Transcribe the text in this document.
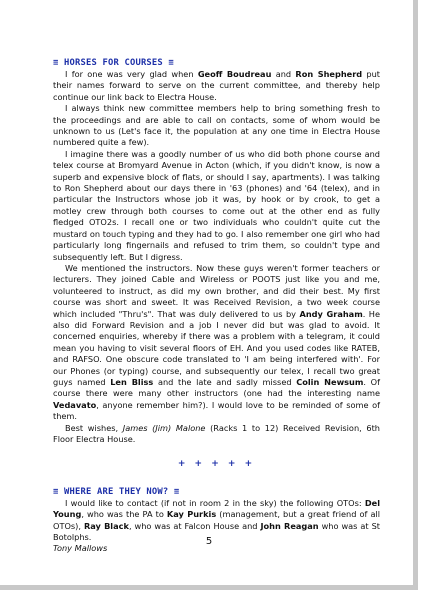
≡ HORSES FOR COURSES ≡

I for one was very glad when Geoff Boudreau and Ron Shepherd put their names forward to serve on the current committee, and thereby help continue our link back to Electra House.

I always think new committee members help to bring something fresh to the proceedings and are able to call on contacts, some of whom would be unknown to us (Let's face it, the population at any one time in Electra House numbered quite a few).

I imagine there was a goodly number of us who did both phone course and telex course at Bromyard Avenue in Acton (which, if you didn't know, is now a superb and expensive block of flats, or should I say, apartments). I was talking to Ron Shepherd about our days there in '63 (phones) and '64 (telex), and in particular the Instructors whose job it was, by hook or by crook, to get a motley crew through both courses to come out at the other end as fully fledged OTO2s. I recall one or two individuals who couldn't quite cut the mustard on touch typing and they had to go. I also remember one girl who had particularly long fingernails and refused to trim them, so couldn't type and subsequently left. But I digress.

We mentioned the instructors. Now these guys weren't former teachers or lecturers. They joined Cable and Wireless or POOTS just like you and me, volunteered to instruct, as did my own brother, and did their best. My first course was short and sweet. It was Received Revision, a two week course which included "Thru's". That was duly delivered to us by Andy Graham. He also did Forward Revision and a job I never did but was glad to avoid. It concerned enquiries, whereby if there was a problem with a telegram, it could mean you having to visit several floors of EH. And you used codes like RATEB, and RAFSO. One obscure code translated to 'I am being interfered with'. For our Phones (or typing) course, and subsequently our telex, I recall two great guys named Len Bliss and the late and sadly missed Colin Newsum. Of course there were many other instructors (one had the interesting name Vedavato, anyone remember him?). I would love to be reminded of some of them.

Best wishes, James (Jim) Malone (Racks 1 to 12) Received Revision, 6th Floor Electra House.

+ + + + +
≡ WHERE ARE THEY NOW? ≡

I would like to contact (if not in room 2 in the sky) the following OTOs: Del Young, who was the PA to Kay Purkis (management, but a great friend of all OTOs), Ray Black, who was at Falcon House and John Reagan who was at St Botolphs.

Tony Mallows

5
